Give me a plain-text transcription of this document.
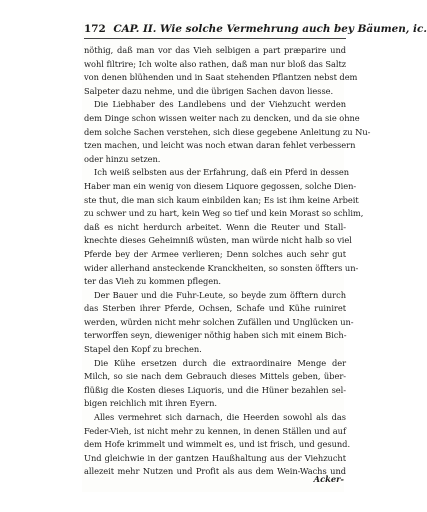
172 CAP. II. Wie solche Vermehrung auch bey Bäumen, ic.
nöthig, daß man vor das Vieh selbigen a part præparire und
wohl filtrire; Ich wolte also rathen, daß man nur bloß das Saltz
von denen blühenden und in Saat stehenden Pflantzen nebst dem
Salpeter dazu nehme, und die übrigen Sachen davon liesse.
Die Liebhaber des Landlebens und der Viehzucht werden
dem Dinge schon wissen weiter nach zu dencken, und da sie ohne
dem solche Sachen verstehen, sich diese gegebene Anleitung zu Nu-
tzen machen, und leicht was noch etwan daran fehlet verbessern
oder hinzu setzen.
Ich weiß selbsten aus der Erfahrung, daß ein Pferd in dessen
Haber man ein wenig von diesem Liquore gegossen, solche Dien-
ste thut, die man sich kaum einbilden kan; Es ist ihm keine Arbeit
zu schwer und zu hart, kein Weg so tief und kein Morast so schlim,
daß es nicht herdurch arbeitet. Wenn die Reuter und Stall-
knechte dieses Geheimniß wüsten, man würde nicht halb so viel
Pferde bey der Armee verlieren; Denn solches auch sehr gut
wider allerhand ansteckende Kranckheiten, so sonsten öffters un-
ter das Vieh zu kommen pflegen.
Der Bauer und die Fuhr-Leute, so beyde zum öfftern durch
das Sterben ihrer Pferde, Ochsen, Schafe und Kühe ruiniret
werden, würden nicht mehr solchen Zufällen und Unglücken un-
terworffen seyn, dieweniger nöthig haben sich mit einem Bich-
Stapel den Kopf zu brechen.
Die Kühe ersetzen durch die extraordinaire Menge der
Milch, so sie nach dem Gebrauch dieses Mittels geben, über-
flüßig die Kosten dieses Liquoris, und die Hüner bezahlen sel-
bigen reichlich mit ihren Eyern.
Alles vermehret sich darnach, die Heerden sowohl als das
Feder-Vieh, ist nicht mehr zu kennen, in denen Ställen und auf
dem Hofe krimmelt und wimmelt es, und ist frisch, und gesund.
Und gleichwie in der gantzen Haußhaltung aus der Viehzucht
allezeit mehr Nutzen und Profit als aus dem Wein-Wachs und
Acker-
